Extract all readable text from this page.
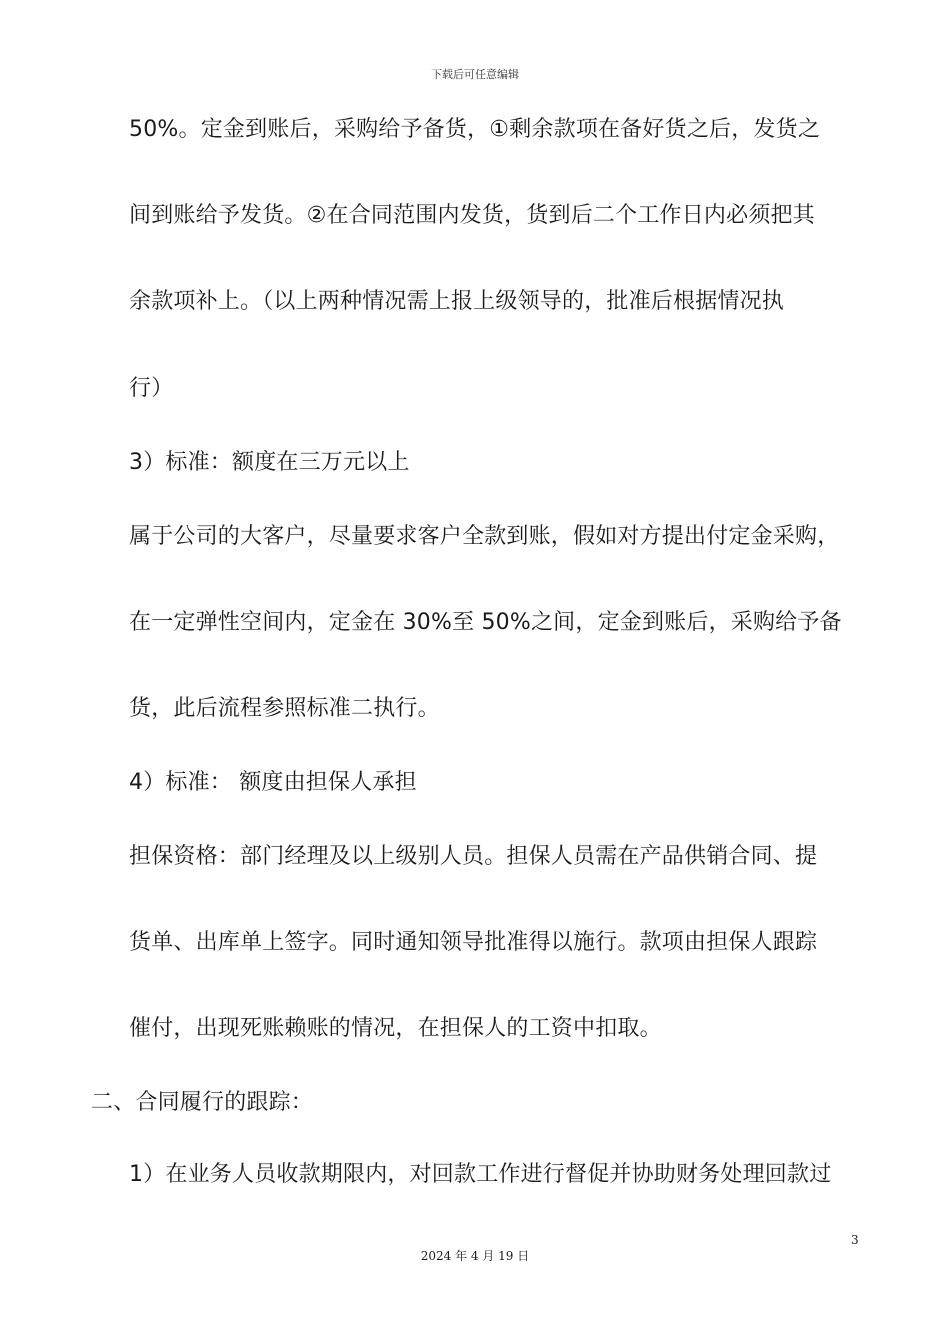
下载后可任意编辑
50%。定金到账后，采购给予备货，①剩余款项在备好货之后，发货之
间到账给予发货。②在合同范围内发货，货到后二个工作日内必须把其
余款项补上。（以上两种情况需上报上级领导的，批准后根据情况执
行）
3）标准：额度在三万元以上
属于公司的大客户，尽量要求客户全款到账，假如对方提出付定金采购，
在一定弹性空间内，定金在 30%至 50%之间，定金到账后，采购给予备
货，此后流程参照标准二执行。
4）标准： 额度由担保人承担
担保资格：部门经理及以上级别人员。担保人员需在产品供销合同、提
货单、出库单上签字。同时通知领导批准得以施行。款项由担保人跟踪
催付，出现死账赖账的情况，在担保人的工资中扣取。
二、合同履行的跟踪：
1）在业务人员收款期限内，对回款工作进行督促并协助财务处理回款过
3
2024 年 4 月 19 日
